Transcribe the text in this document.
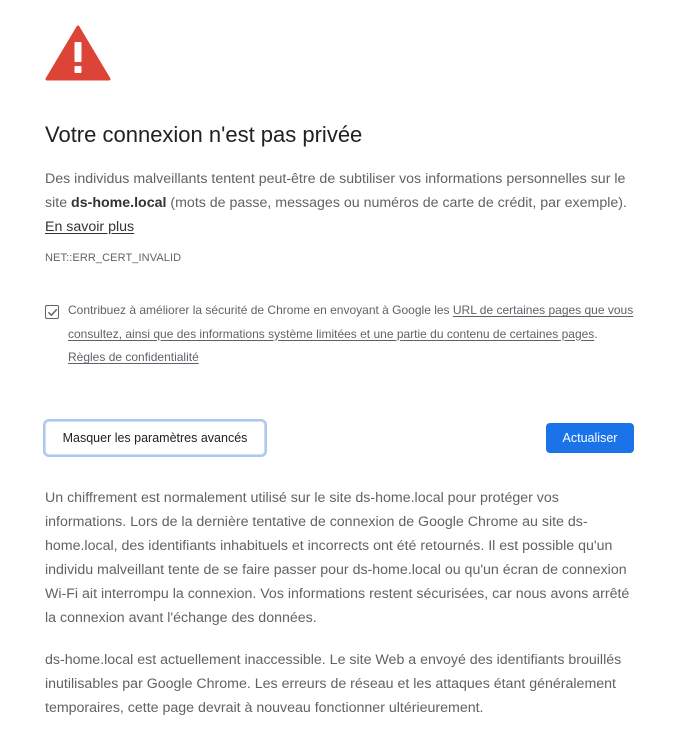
Votre connexion n'est pas privée

Des individus malveillants tentent peut-être de subtiliser vos informations personnelles sur le site ds-home.local (mots de passe, messages ou numéros de carte de crédit, par exemple). En savoir plus

NET::ERR_CERT_INVALID

Contribuez à améliorer la sécurité de Chrome en envoyant à Google les URL de certaines pages que vous consultez, ainsi que des informations système limitées et une partie du contenu de certaines pages. Règles de confidentialité
Masquer les paramètres avancés	Actualiser

Un chiffrement est normalement utilisé sur le site ds-home.local pour protéger vos informations. Lors de la dernière tentative de connexion de Google Chrome au site ds-home.local, des identifiants inhabituels et incorrects ont été retournés. Il est possible qu'un individu malveillant tente de se faire passer pour ds-home.local ou qu'un écran de connexion Wi-Fi ait interrompu la connexion. Vos informations restent sécurisées, car nous avons arrêté la connexion avant l'échange des données.

ds-home.local est actuellement inaccessible. Le site Web a envoyé des identifiants brouillés inutilisables par Google Chrome. Les erreurs de réseau et les attaques étant généralement temporaires, cette page devrait à nouveau fonctionner ultérieurement.
